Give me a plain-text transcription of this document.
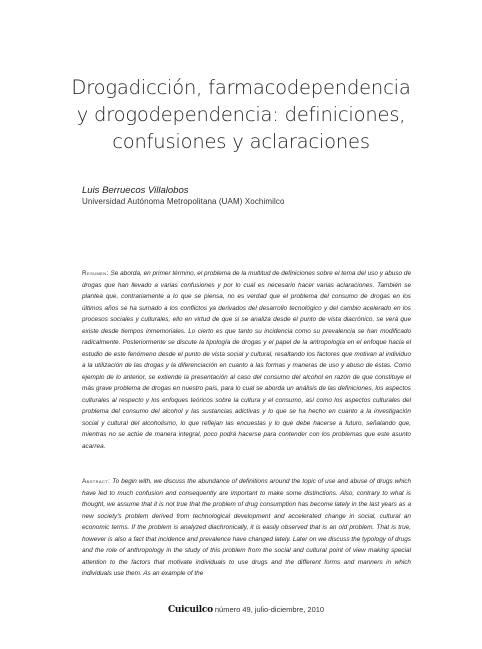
Drogadicción, farmacodependencia
y drogodependencia: definiciones,
confusiones y aclaraciones
Luis Berruecos Villalobos
Universidad Autónoma Metropolitana (UAM) Xochimilco
Resumen: Se aborda, en primer término, el problema de la multitud de definiciones sobre el tema del uso y abuso de drogas que han llevado a varias confusiones y por lo cual es necesario hacer varias aclaraciones. También se plantea que, contrariamente a lo que se piensa, no es verdad que el problema del consumo de drogas en los últimos años se ha sumado a los conflictos ya derivados del desarrollo tecnológico y del cambio acelerado en los procesos sociales y culturales, ello en virtud de que si se analiza desde el punto de vista diacrónico, se verá que existe desde tiempos inmemoriales. Lo cierto es que tanto su incidencia como su prevalencia se han modificado radicalmente. Posteriormente se discute la tipología de drogas y el papel de la antropología en el enfoque hacia el estudio de este fenómeno desde el punto de vista social y cultural, resaltando los factores que motivan al individuo a la utilización de las drogas y la diferenciación en cuanto a las formas y maneras de uso y abuso de éstas. Como ejemplo de lo anterior, se extiende la presentación al caso del consumo del alcohol en razón de que constituye el más grave problema de drogas en nuestro país, para lo cual se aborda un análisis de las definiciones, los aspectos culturales al respecto y los enfoques teóricos sobre la cultura y el consumo, así como los aspectos culturales del problema del consumo del alcohol y las sustancias adictivas y lo que se ha hecho en cuanto a la investigación social y cultural del alcoholismo, lo que reflejan las encuestas y lo que debe hacerse a futuro, señalando que, mientras no se actúe de manera integral, poco podrá hacerse para contender con los problemas que este asunto acarrea.
Abstract: To begin with, we discuss the abundance of definitions around the topic of use and abuse of drugs which have led to much confusion and consequently are important to make some distinctions. Also, contrary to what is thought, we assume that it is not true that the problem of drug consumption has become lately in the last years as a new society's problem derived from technological development and accelerated change in social, cultural an economic terms. If the problem is analyzed diachronically, it is easily observed that is an old problem. That is true, however is also a fact that incidence and prevalence have changed lately. Later on we discuss the typology of drugs and the role of anthropology in the study of this problem from the social and cultural point of view making special attention to the factors that motivate individuals to use drugs and the different forms and manners in which individuals use them. As an example of the
Cuicuilco número 49, julio-diciembre, 2010
